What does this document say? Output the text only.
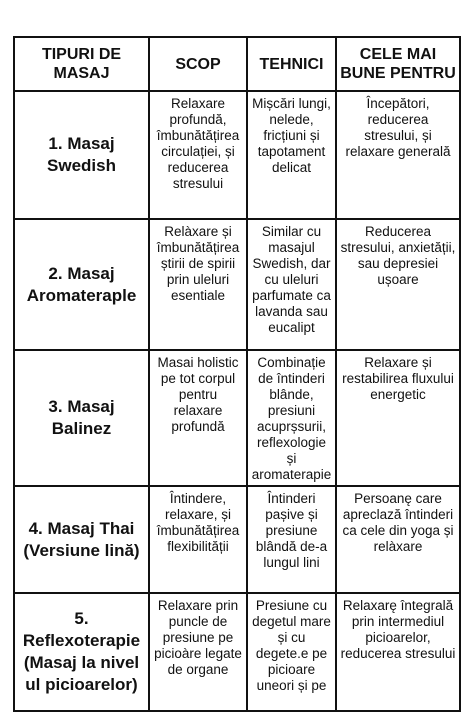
TIPURI DE MASAJ	SCOP	TEHNICI	CELE MAI BUNE PENTRU
1. Masaj Swedish	Relaxare profundă, îmbunătățirea circulației, și reducerea stresului	Mișcări lungi, nelede, fricțiuni și tapotament delicat	Începători, reducerea stresului, și relaxare generală
2. Masaj Aromateraple	Relàxare și îmbunătățirea știrii de spirii prin uleluri esentiale	Similar cu masajul Swedish, dar cu uleluri parfumate ca lavanda sau eucalipt	Reducerea stresului, anxietății, sau depresiei ușoare
3. Masaj Balinez	Masai holistic pe tot corpul pentru relaxare profundă	Combinație de întinderi blânde, presiuni acuprșsurii, reflexologie și aromaterapie	Relaxare și restabilirea fluxului energetic
4. Masaj Thai (Versiune lină)	Întindere, relaxare, și îmbunătățirea flexibilității	Întinderi pașive și presiune blândă de-a lungul lini	Persoanę care apreclază întinderi ca cele din yoga și relàxare
5. Reflexoterapie (Masaj la nivel ul picioarelor)	Relaxare prin puncle de presiune pe picioàre legate de organe	Presiune cu degetul mare și cu degete.e pe picioare uneori și pe	Relaxarę întegrală prin intermediul picioarelor, reducerea stresului
